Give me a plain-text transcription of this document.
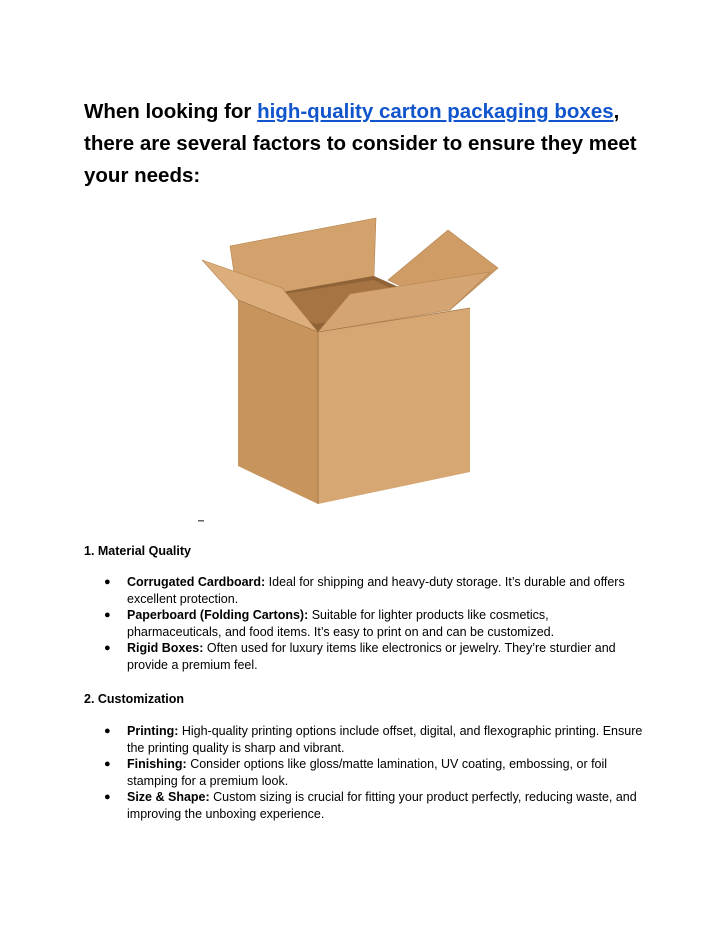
When looking for high-quality carton packaging boxes, there are several factors to consider to ensure they meet your needs:
1. Material Quality
● Corrugated Cardboard: Ideal for shipping and heavy-duty storage. It’s durable and offers excellent protection.
● Paperboard (Folding Cartons): Suitable for lighter products like cosmetics, pharmaceuticals, and food items. It’s easy to print on and can be customized.
● Rigid Boxes: Often used for luxury items like electronics or jewelry. They’re sturdier and provide a premium feel.
2. Customization
● Printing: High-quality printing options include offset, digital, and flexographic printing. Ensure the printing quality is sharp and vibrant.
● Finishing: Consider options like gloss/matte lamination, UV coating, embossing, or foil stamping for a premium look.
● Size & Shape: Custom sizing is crucial for fitting your product perfectly, reducing waste, and improving the unboxing experience.
